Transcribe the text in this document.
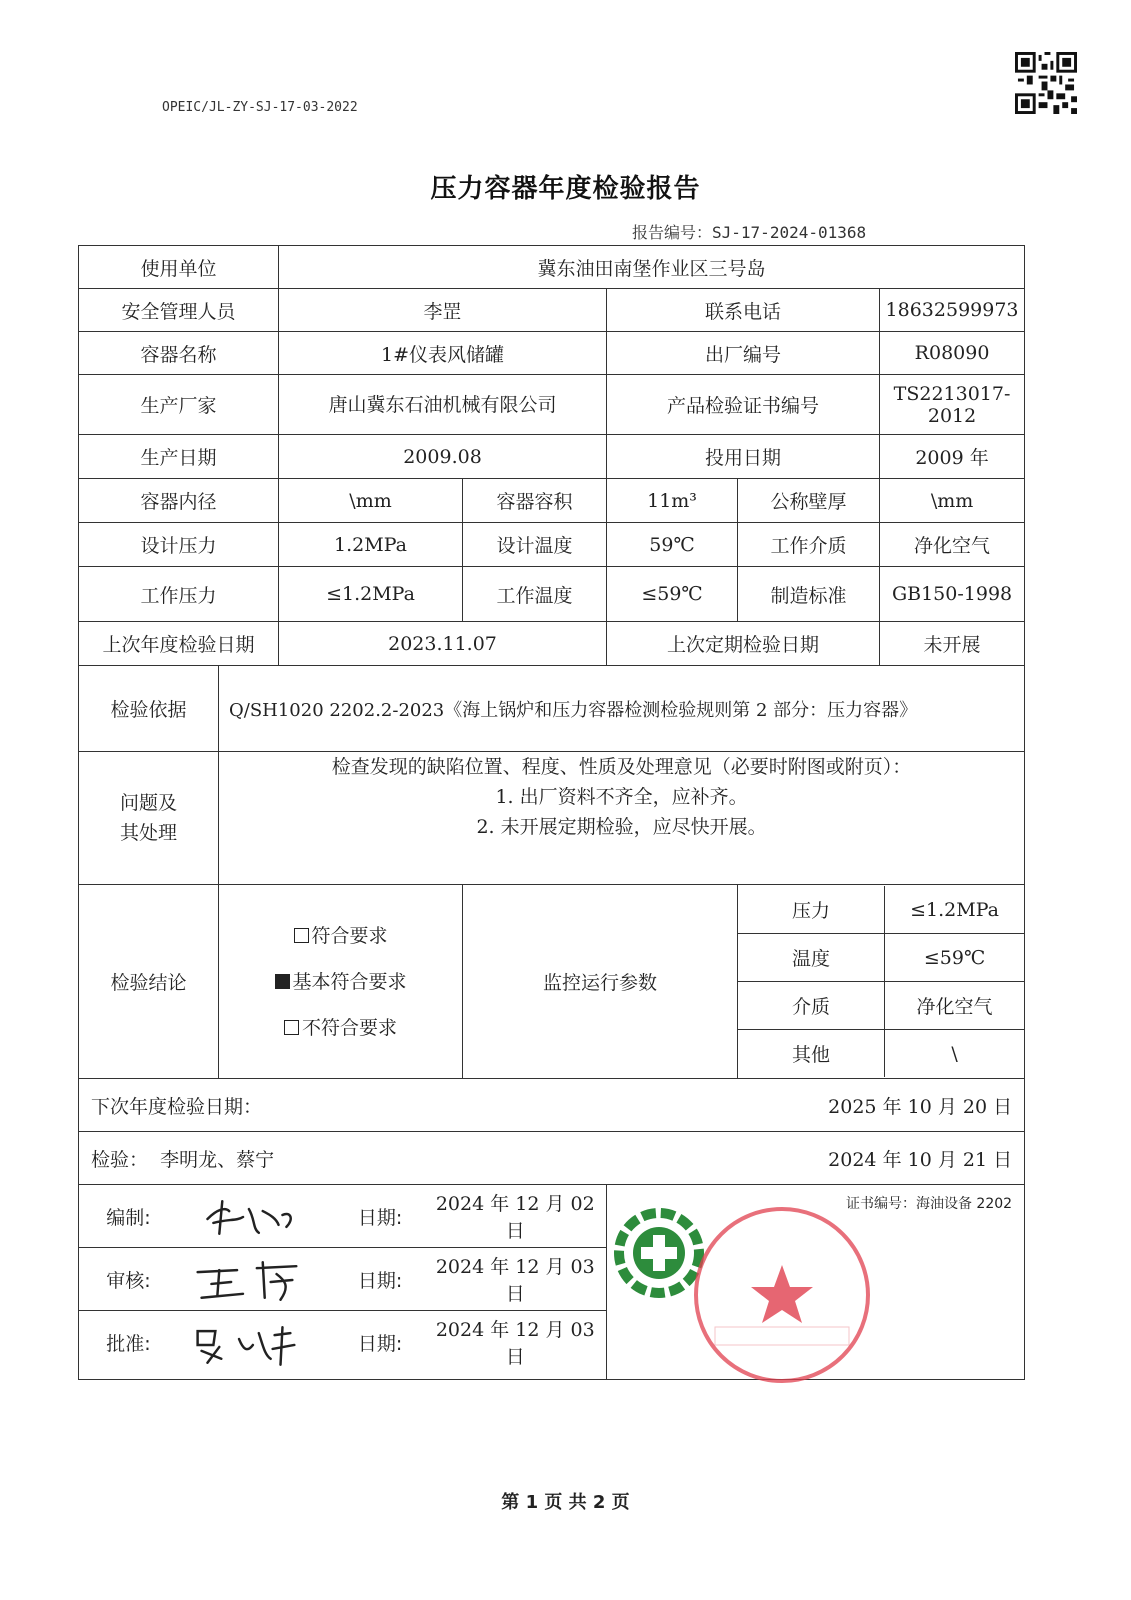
OPEIC/JL-ZY-SJ-17-03-2022
压力容器年度检验报告
报告编号：SJ-17-2024-01368
使用单位	冀东油田南堡作业区三号岛
安全管理人员	李罡	联系电话	18632599973
容器名称	1#仪表风储罐	出厂编号	R08090
生产厂家	唐山冀东石油机械有限公司	产品检验证书编号	TS2213017-2012
生产日期	2009.08	投用日期	2009 年
容器内径	\mm	容器容积	11m³	公称壁厚	\mm
设计压力	1.2MPa	设计温度	59℃	工作介质	净化空气
工作压力	≤1.2MPa	工作温度	≤59℃	制造标准	GB150-1998
上次年度检验日期	2023.11.07	上次定期检验日期	未开展
检验依据	Q/SH1020 2202.2-2023《海上锅炉和压力容器检测检验规则第 2 部分：压力容器》
问题及
其处理	
检查发现的缺陷位置、程度、性质及处理意见（必要时附图或附页）：
1. 出厂资料不齐全，应补齐。
2. 未开展定期检验，应尽快开展。

检验结论	
符合要求
基本符合要求
不符合要求
	监控运行参数	
压力	≤1.2MPa
温度	≤59℃
介质	净化空气
其他	\

下次年度检验日期：	2025 年 10 月 20 日

检验： 李明龙、蔡宁	2024 年 10 月 21 日

编制:	日期:
2024 年 12 月 02 日
审核:	日期:
2024 年 12 月 03 日
批准:	日期:
2024 年 12 月 03 日

证书编号：海油设备 2202
第 1 页 共 2 页
